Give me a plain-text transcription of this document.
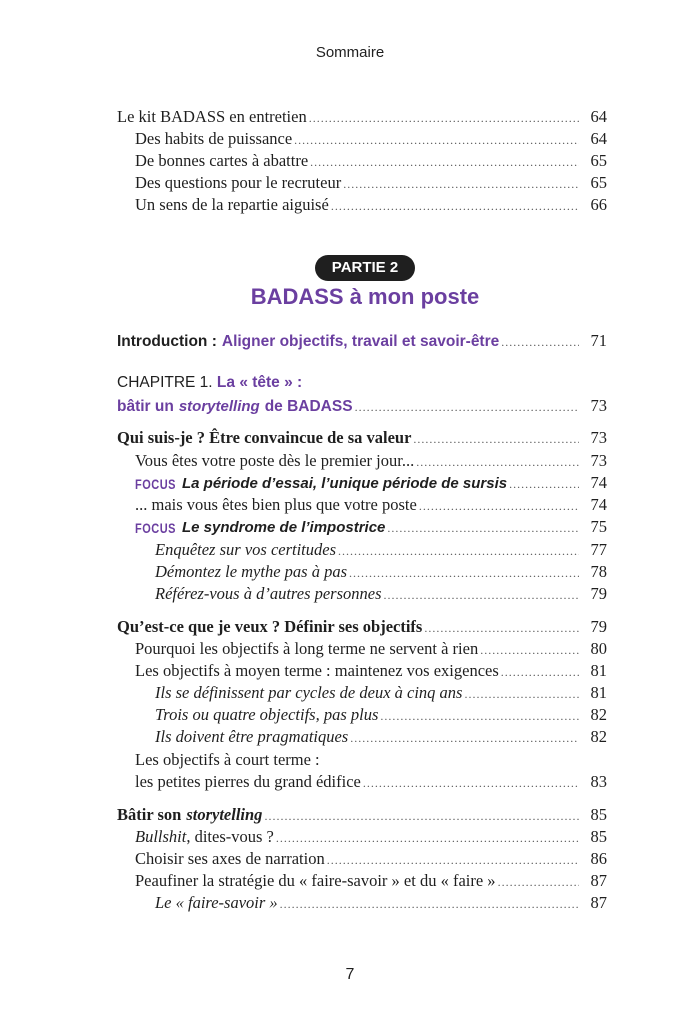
Sommaire
Le kit BADASS en entretien .....	64
Des habits de puissance .....	64
De bonnes cartes à abattre .....	65
Des questions pour le recruteur .....	65
Un sens de la repartie aiguisé .....	66
PARTIE 2
BADASS à mon poste
Introduction : Aligner objectifs, travail et savoir-être .....	71
CHAPITRE 1. La « tête » :
bâtir un storytelling de BADASS .....	73
Qui suis-je ? Être convaincue de sa valeur .....	73
Vous êtes votre poste dès le premier jour... .....	73
FOCUS La période d’essai, l’unique période de sursis .....	74
... mais vous êtes bien plus que votre poste .....	74
FOCUS Le syndrome de l’impostrice .....	75
Enquêtez sur vos certitudes .....	77
Démontez le mythe pas à pas .....	78
Référez-vous à d’autres personnes .....	79
Qu’est-ce que je veux ? Définir ses objectifs .....	79
Pourquoi les objectifs à long terme ne servent à rien .....	80
Les objectifs à moyen terme : maintenez vos exigences .....	81
Ils se définissent par cycles de deux à cinq ans .....	81
Trois ou quatre objectifs, pas plus .....	82
Ils doivent être pragmatiques .....	82
Les objectifs à court terme :
les petites pierres du grand édifice .....	83
Bâtir son storytelling .....	85
Bullshit , dites-vous ? .....	85
Choisir ses axes de narration .....	86
Peaufiner la stratégie du « faire-savoir » et du « faire » .....	87
Le « faire-savoir » .....	87
7
